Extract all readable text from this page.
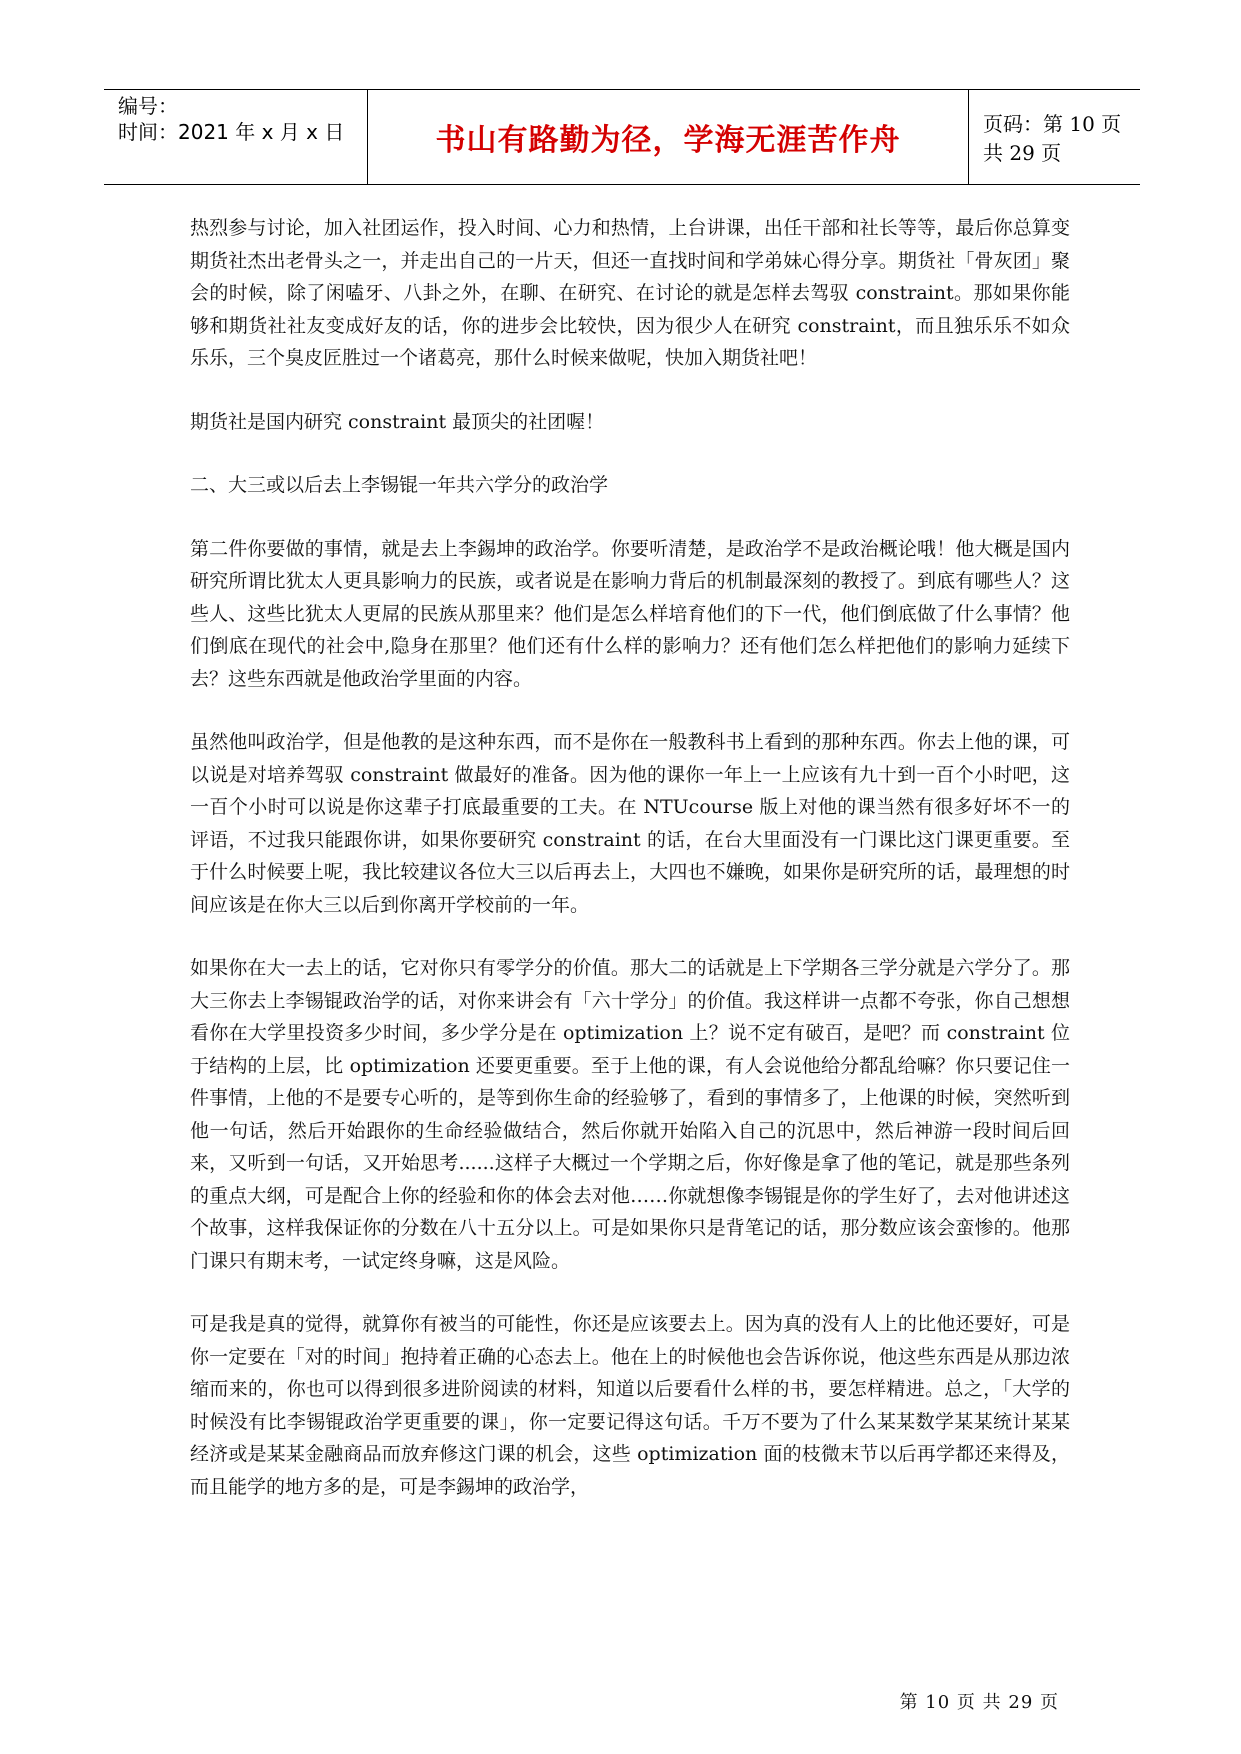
编号：
时间：2021 年 x 月 x 日	书山有路勤为径，学海无涯苦作舟	页码：第 10 页 共 29 页

热烈参与讨论，加入社团运作，投入时间、心力和热情，上台讲课，出任干部和社长等等，最后你总算变期货社杰出老骨头之一，并走出自己的一片天，但还一直找时间和学弟妹心得分享。期货社「骨灰团」聚会的时候，除了闲嗑牙、八卦之外，在聊、在研究、在讨论的就是怎样去驾驭 constraint。那如果你能够和期货社社友变成好友的话，你的进步会比较快，因为很少人在研究 constraint，而且独乐乐不如众乐乐，三个臭皮匠胜过一个诸葛亮，那什么时候来做呢，快加入期货社吧！

期货社是国内研究 constraint 最顶尖的社团喔！

二、大三或以后去上李锡锟一年共六学分的政治学

第二件你要做的事情，就是去上李錫坤的政治学。你要听清楚，是政治学不是政治概论哦！他大概是国内研究所谓比犹太人更具影响力的民族，或者说是在影响力背后的机制最深刻的教授了。到底有哪些人？这些人、这些比犹太人更屌的民族从那里来？他们是怎么样培育他们的下一代，他们倒底做了什么事情？他们倒底在现代的社会中,隐身在那里？他们还有什么样的影响力？还有他们怎么样把他们的影响力延续下去？这些东西就是他政治学里面的内容。

虽然他叫政治学，但是他教的是这种东西，而不是你在一般教科书上看到的那种东西。你去上他的课，可以说是对培养驾驭 constraint 做最好的准备。因为他的课你一年上一上应该有九十到一百个小时吧，这一百个小时可以说是你这辈子打底最重要的工夫。在 NTUcourse 版上对他的课当然有很多好坏不一的评语，不过我只能跟你讲，如果你要研究 constraint 的话，在台大里面没有一门课比这门课更重要。至于什么时候要上呢，我比较建议各位大三以后再去上，大四也不嫌晚，如果你是研究所的话，最理想的时间应该是在你大三以后到你离开学校前的一年。

如果你在大一去上的话，它对你只有零学分的价值。那大二的话就是上下学期各三学分就是六学分了。那大三你去上李锡锟政治学的话，对你来讲会有「六十学分」的价值。我这样讲一点都不夸张，你自己想想看你在大学里投资多少时间，多少学分是在 optimization 上？说不定有破百，是吧？而 constraint 位于结构的上层，比 optimization 还要更重要。至于上他的课，有人会说他给分都乱给嘛？你只要记住一件事情，上他的不是要专心听的，是等到你生命的经验够了，看到的事情多了，上他课的时候，突然听到他一句话，然后开始跟你的生命经验做结合，然后你就开始陷入自己的沉思中，然后神游一段时间后回来，又听到一句话，又开始思考......这样子大概过一个学期之后，你好像是拿了他的笔记，就是那些条列的重点大纲，可是配合上你的经验和你的体会去对他……你就想像李锡锟是你的学生好了，去对他讲述这个故事，这样我保证你的分数在八十五分以上。可是如果你只是背笔记的话，那分数应该会蛮惨的。他那门课只有期末考，一试定终身嘛，这是风险。

可是我是真的觉得，就算你有被当的可能性，你还是应该要去上。因为真的没有人上的比他还要好，可是你一定要在「对的时间」抱持着正确的心态去上。他在上的时候他也会告诉你说，他这些东西是从那边浓缩而来的，你也可以得到很多进阶阅读的材料，知道以后要看什么样的书，要怎样精进。总之，「大学的时候没有比李锡锟政治学更重要的课」，你一定要记得这句话。千万不要为了什么某某数学某某统计某某经济或是某某金融商品而放弃修这门课的机会，这些 optimization 面的枝微末节以后再学都还来得及，而且能学的地方多的是，可是李錫坤的政治学，

第 10 页 共 29 页
